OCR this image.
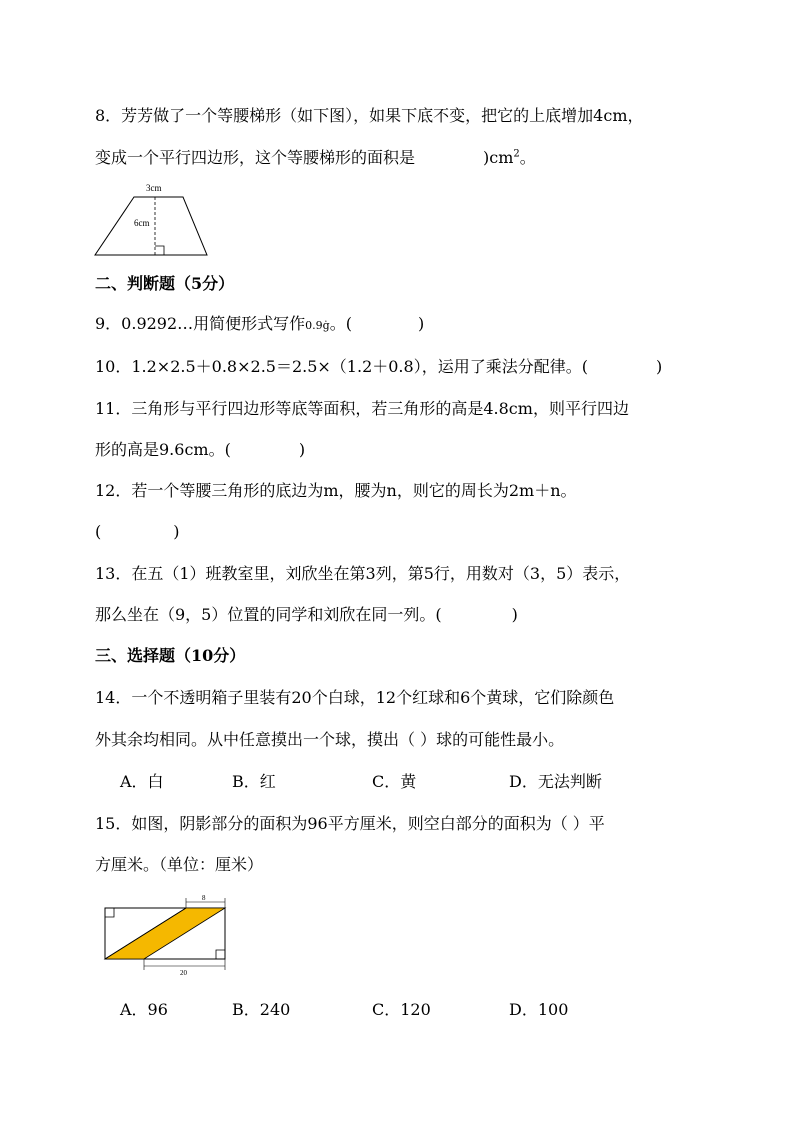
8．芳芳做了一个等腰梯形（如下图），如果下底不变，把它的上底增加4cm，
变成一个平行四边形，这个等腰梯形的面积是	)$cm^2$。
3cm
6cm
二、判断题（5分）
9．0.9292…用简便形式写作0.9ġ。(	)
10．1.2×2.5＋0.8×2.5＝2.5×（1.2＋0.8），运用了乘法分配律。(	)
11．三角形与平行四边形等底等面积，若三角形的高是4.8cm，则平行四边
形的高是9.6cm。(	)
12．若一个等腰三角形的底边为m，腰为n，则它的周长为2m＋n。
(	)
13．在五（1）班教室里，刘欣坐在第3列，第5行，用数对（3，5）表示，
那么坐在（9，5）位置的同学和刘欣在同一列。(	)
三、选择题（10分）
14．一个不透明箱子里装有20个白球，12个红球和6个黄球，它们除颜色
外其余均相同。从中任意摸出一个球，摸出（ ）球的可能性最小。
A．白	B．红	C．黄	D．无法判断
15．如图，阴影部分的面积为96平方厘米，则空白部分的面积为（ ）平
方厘米。（单位：厘米）
8
20
A．96	B．240	C．120	D．100
